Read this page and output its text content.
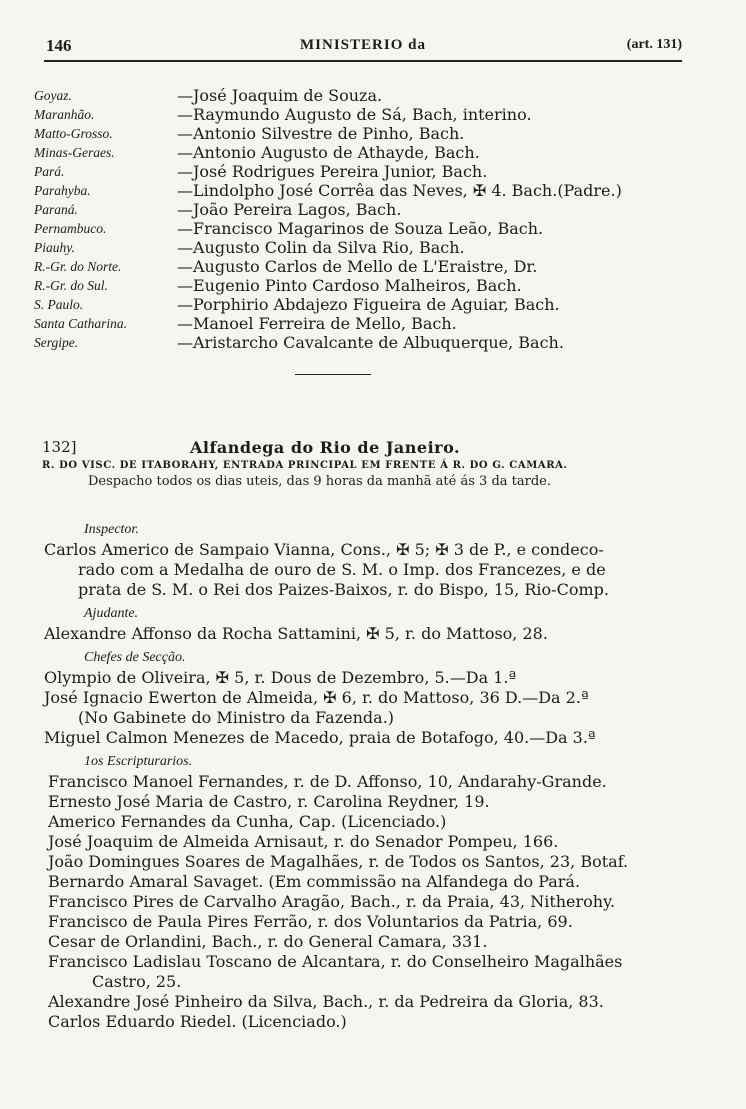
146	MINISTERIO da	(art. 131)
Goyaz.	—José Joaquim de Souza.
Maranhão.	—Raymundo Augusto de Sá, Bach, interino.
Matto-Grosso.	—Antonio Silvestre de Pinho, Bach.
Minas-Geraes.	—Antonio Augusto de Athayde, Bach.
Pará.	—José Rodrigues Pereira Junior, Bach.
Parahyba.	—Lindolpho José Corrêa das Neves, ✠ 4. Bach.(Padre.)
Paraná.	—João Pereira Lagos, Bach.
Pernambuco.	—Francisco Magarinos de Souza Leão, Bach.
Piauhy.	—Augusto Colin da Silva Rio, Bach.
R.-Gr. do Norte.	—Augusto Carlos de Mello de L'Eraistre, Dr.
R.-Gr. do Sul.	—Eugenio Pinto Cardoso Malheiros, Bach.
S. Paulo.	—Porphirio Abdajezo Figueira de Aguiar, Bach.
Santa Catharina.	—Manoel Ferreira de Mello, Bach.
Sergipe.	—Aristarcho Cavalcante de Albuquerque, Bach.
132]	Alfandega do Rio de Janeiro.
R. DO VISC. DE ITABORAHY, ENTRADA PRINCIPAL EM FRENTE Á R. DO G. CAMARA.
Despacho todos os dias uteis, das 9 horas da manhã até ás 3 da tarde.
Inspector.
Carlos Americo de Sampaio Vianna, Cons., ✠ 5; ✠ 3 de P., e condeco-
rado com a Medalha de ouro de S. M. o Imp. dos Francezes, e de
prata de S. M. o Rei dos Paizes-Baixos, r. do Bispo, 15, Rio-Comp.
Ajudante.
Alexandre Affonso da Rocha Sattamini, ✠ 5, r. do Mattoso, 28.
Chefes de Secção.
Olympio de Oliveira, ✠ 5, r. Dous de Dezembro, 5.—Da 1.ª
José Ignacio Ewerton de Almeida, ✠ 6, r. do Mattoso, 36 D.—Da 2.ª
(No Gabinete do Ministro da Fazenda.)
Miguel Calmon Menezes de Macedo, praia de Botafogo, 40.—Da 3.ª
1os Escripturarios.
Francisco Manoel Fernandes, r. de D. Affonso, 10, Andarahy-Grande.
Ernesto José Maria de Castro, r. Carolina Reydner, 19.
Americo Fernandes da Cunha, Cap. (Licenciado.)
José Joaquim de Almeida Arnisaut, r. do Senador Pompeu, 166.
João Domingues Soares de Magalhães, r. de Todos os Santos, 23, Botaf.
Bernardo Amaral Savaget. (Em commissão na Alfandega do Pará.
Francisco Pires de Carvalho Aragão, Bach., r. da Praia, 43, Nitherohy.
Francisco de Paula Pires Ferrão, r. dos Voluntarios da Patria, 69.
Cesar de Orlandini, Bach., r. do General Camara, 331.
Francisco Ladislau Toscano de Alcantara, r. do Conselheiro Magalhães
Castro, 25.
Alexandre José Pinheiro da Silva, Bach., r. da Pedreira da Gloria, 83.
Carlos Eduardo Riedel. (Licenciado.)
